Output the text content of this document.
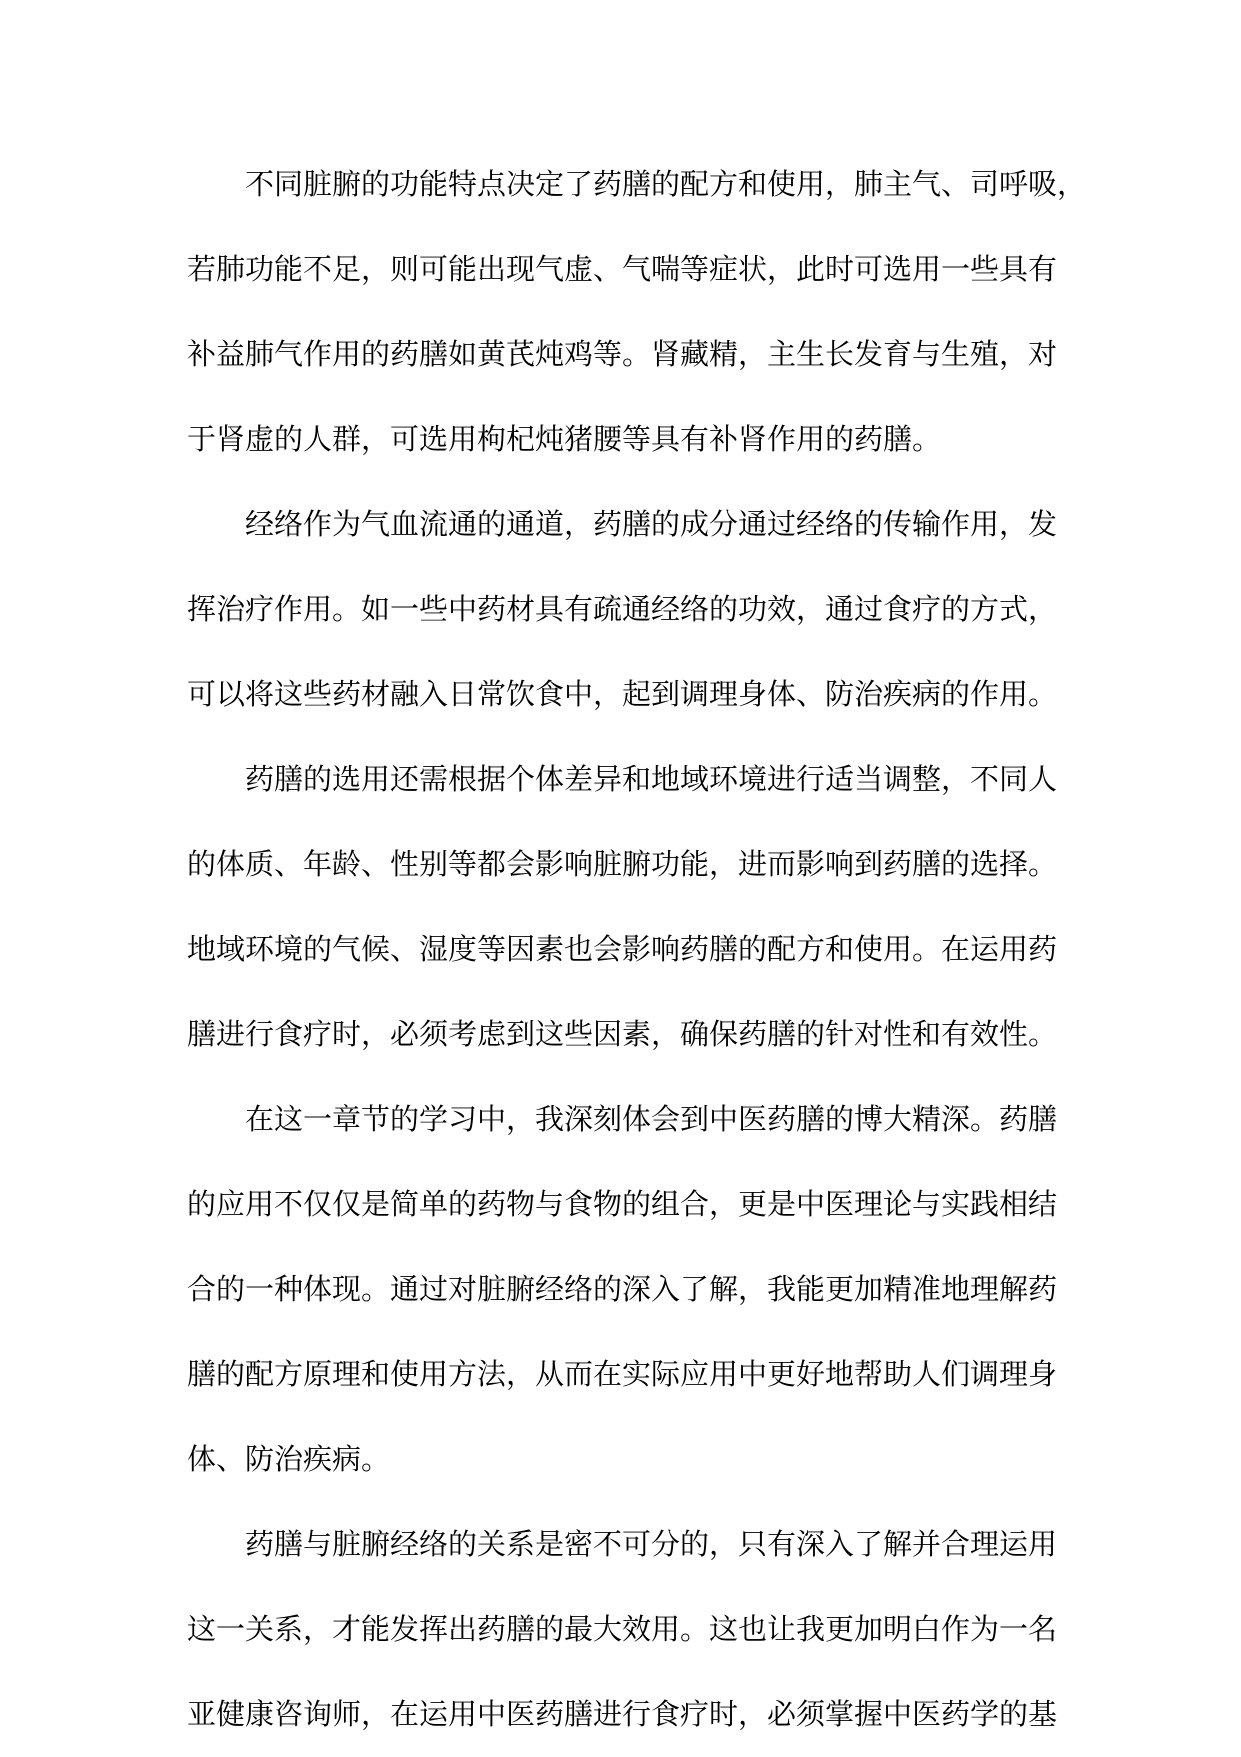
不同脏腑的功能特点决定了药膳的配方和使用，肺主气、司呼吸，
若肺功能不足，则可能出现气虚、气喘等症状，此时可选用一些具有
补益肺气作用的药膳如黄芪炖鸡等。肾藏精，主生长发育与生殖，对
于肾虚的人群，可选用枸杞炖猪腰等具有补肾作用的药膳。

经络作为气血流通的通道，药膳的成分通过经络的传输作用，发
挥治疗作用。如一些中药材具有疏通经络的功效，通过食疗的方式，
可以将这些药材融入日常饮食中，起到调理身体、防治疾病的作用。

药膳的选用还需根据个体差异和地域环境进行适当调整，不同人
的体质、年龄、性别等都会影响脏腑功能，进而影响到药膳的选择。
地域环境的气候、湿度等因素也会影响药膳的配方和使用。在运用药
膳进行食疗时，必须考虑到这些因素，确保药膳的针对性和有效性。

在这一章节的学习中，我深刻体会到中医药膳的博大精深。药膳
的应用不仅仅是简单的药物与食物的组合，更是中医理论与实践相结
合的一种体现。通过对脏腑经络的深入了解，我能更加精准地理解药
膳的配方原理和使用方法，从而在实际应用中更好地帮助人们调理身
体、防治疾病。

药膳与脏腑经络的关系是密不可分的，只有深入了解并合理运用
这一关系，才能发挥出药膳的最大效用。这也让我更加明白作为一名
亚健康咨询师，在运用中医药膳进行食疗时，必须掌握中医药学的基
